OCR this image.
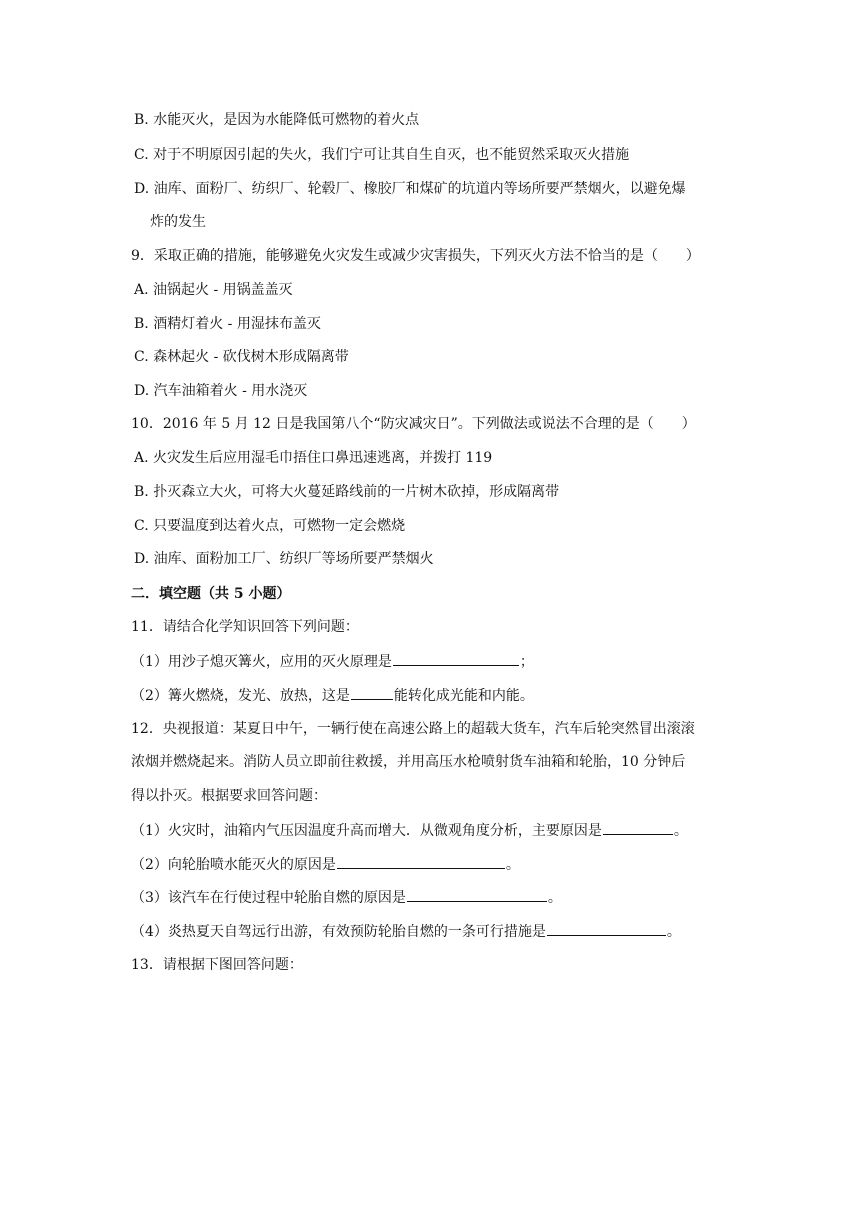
B. 水能灭火，是因为水能降低可燃物的着火点
C. 对于不明原因引起的失火，我们宁可让其自生自灭，也不能贸然采取灭火措施
D. 油库、面粉厂、纺织厂、轮毂厂、橡胶厂和煤矿的坑道内等场所要严禁烟火，以避免爆
炸的发生
9．采取正确的措施，能够避免火灾发生或减少灾害损失，下列灭火方法不恰当的是（　　）
A. 油锅起火 - 用锅盖盖灭
B. 酒精灯着火 - 用湿抹布盖灭
C. 森林起火 - 砍伐树木形成隔离带
D. 汽车油箱着火 - 用水浇灭
10．2016 年 5 月 12 日是我国第八个“防灾减灾日”。下列做法或说法不合理的是（　　）
A. 火灾发生后应用湿毛巾捂住口鼻迅速逃离，并拨打 119
B. 扑灭森立大火，可将大火蔓延路线前的一片树木砍掉，形成隔离带
C. 只要温度到达着火点，可燃物一定会燃烧
D. 油库、面粉加工厂、纺织厂等场所要严禁烟火
二．填空题（共 5 小题）
11．请结合化学知识回答下列问题：
（1）用沙子熄灭篝火，应用的灭火原理是	；
（2）篝火燃烧，发光、放热，这是	能转化成光能和内能。
12．央视报道：某夏日中午，一辆行使在高速公路上的超载大货车，汽车后轮突然冒出滚滚
浓烟并燃烧起来。消防人员立即前往救援，并用高压水枪喷射货车油箱和轮胎，10 分钟后
得以扑灭。根据要求回答问题：
（1）火灾时，油箱内气压因温度升高而增大．从微观角度分析，主要原因是	。
（2）向轮胎喷水能灭火的原因是	。
（3）该汽车在行使过程中轮胎自燃的原因是	。
（4）炎热夏天自驾远行出游，有效预防轮胎自燃的一条可行措施是	。
13．请根据下图回答问题：
